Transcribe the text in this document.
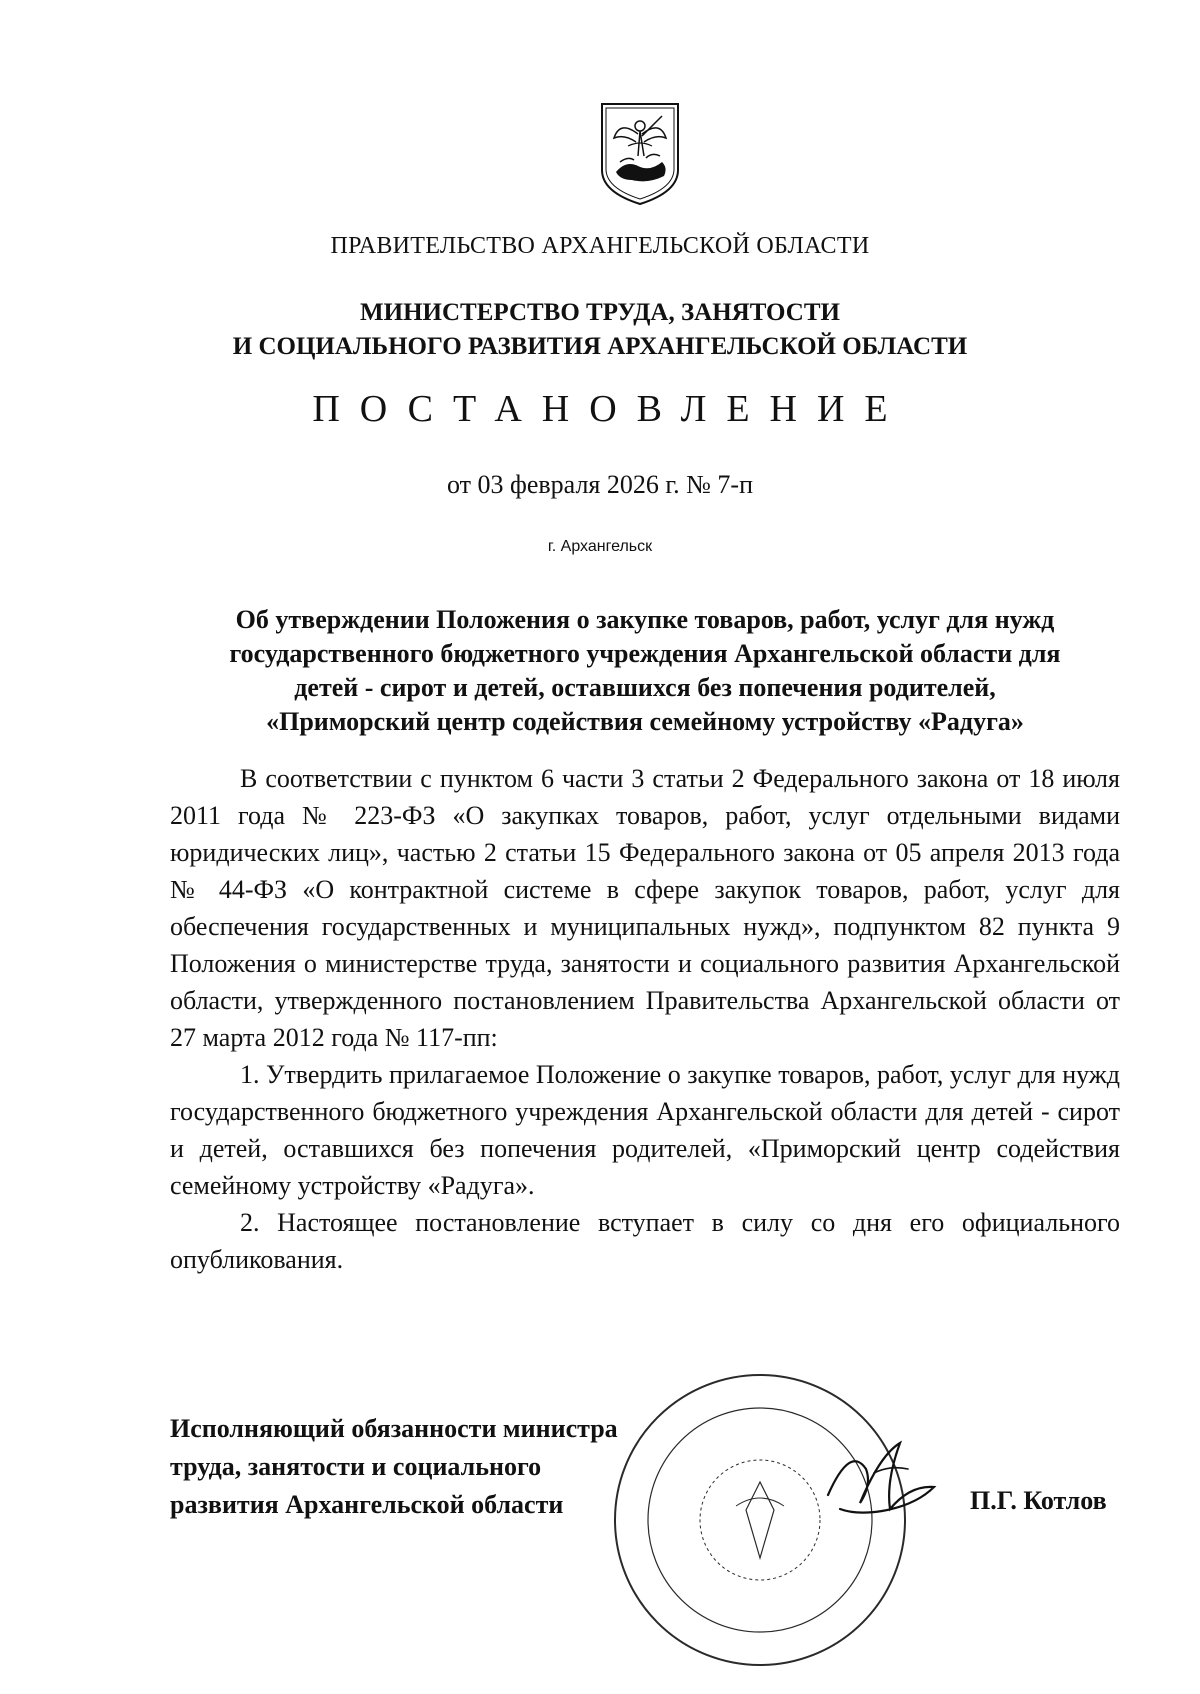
ПРАВИТЕЛЬСТВО АРХАНГЕЛЬСКОЙ ОБЛАСТИ
МИНИСТЕРСТВО ТРУДА, ЗАНЯТОСТИ
И СОЦИАЛЬНОГО РАЗВИТИЯ АРХАНГЕЛЬСКОЙ ОБЛАСТИ
ПОСТАНОВЛЕНИЕ
от 03 февраля 2026 г. № 7-п
г. Архангельск
Об утверждении Положения о закупке товаров, работ, услуг для нужд
государственного бюджетного учреждения Архангельской области для
детей - сирот и детей, оставшихся без попечения родителей,
«Приморский центр содействия семейному устройству «Радуга»

В соответствии с пунктом 6 части 3 статьи 2 Федерального закона от 18 июля 2011 года № 223-ФЗ «О закупках товаров, работ, услуг отдельными видами юридических лиц», частью 2 статьи 15 Федерального закона от 05 апреля 2013 года № 44-ФЗ «О контрактной системе в сфере закупок товаров, работ, услуг для обеспечения государственных и муниципальных нужд», подпунктом 82 пункта 9 Положения о министерстве труда, занятости и социального развития Архангельской области, утвержденного постановлением Правительства Архангельской области от 27 марта 2012 года № 117-пп:

1. Утвердить прилагаемое Положение о закупке товаров, работ, услуг для нужд государственного бюджетного учреждения Архангельской области для детей - сирот и детей, оставшихся без попечения родителей, «Приморский центр содействия семейному устройству «Радуга».

2. Настоящее постановление вступает в силу со дня его официального опубликования.

Исполняющий обязанности министра
труда, занятости и социального
развития Архангельской области	П.Г. Котлов
